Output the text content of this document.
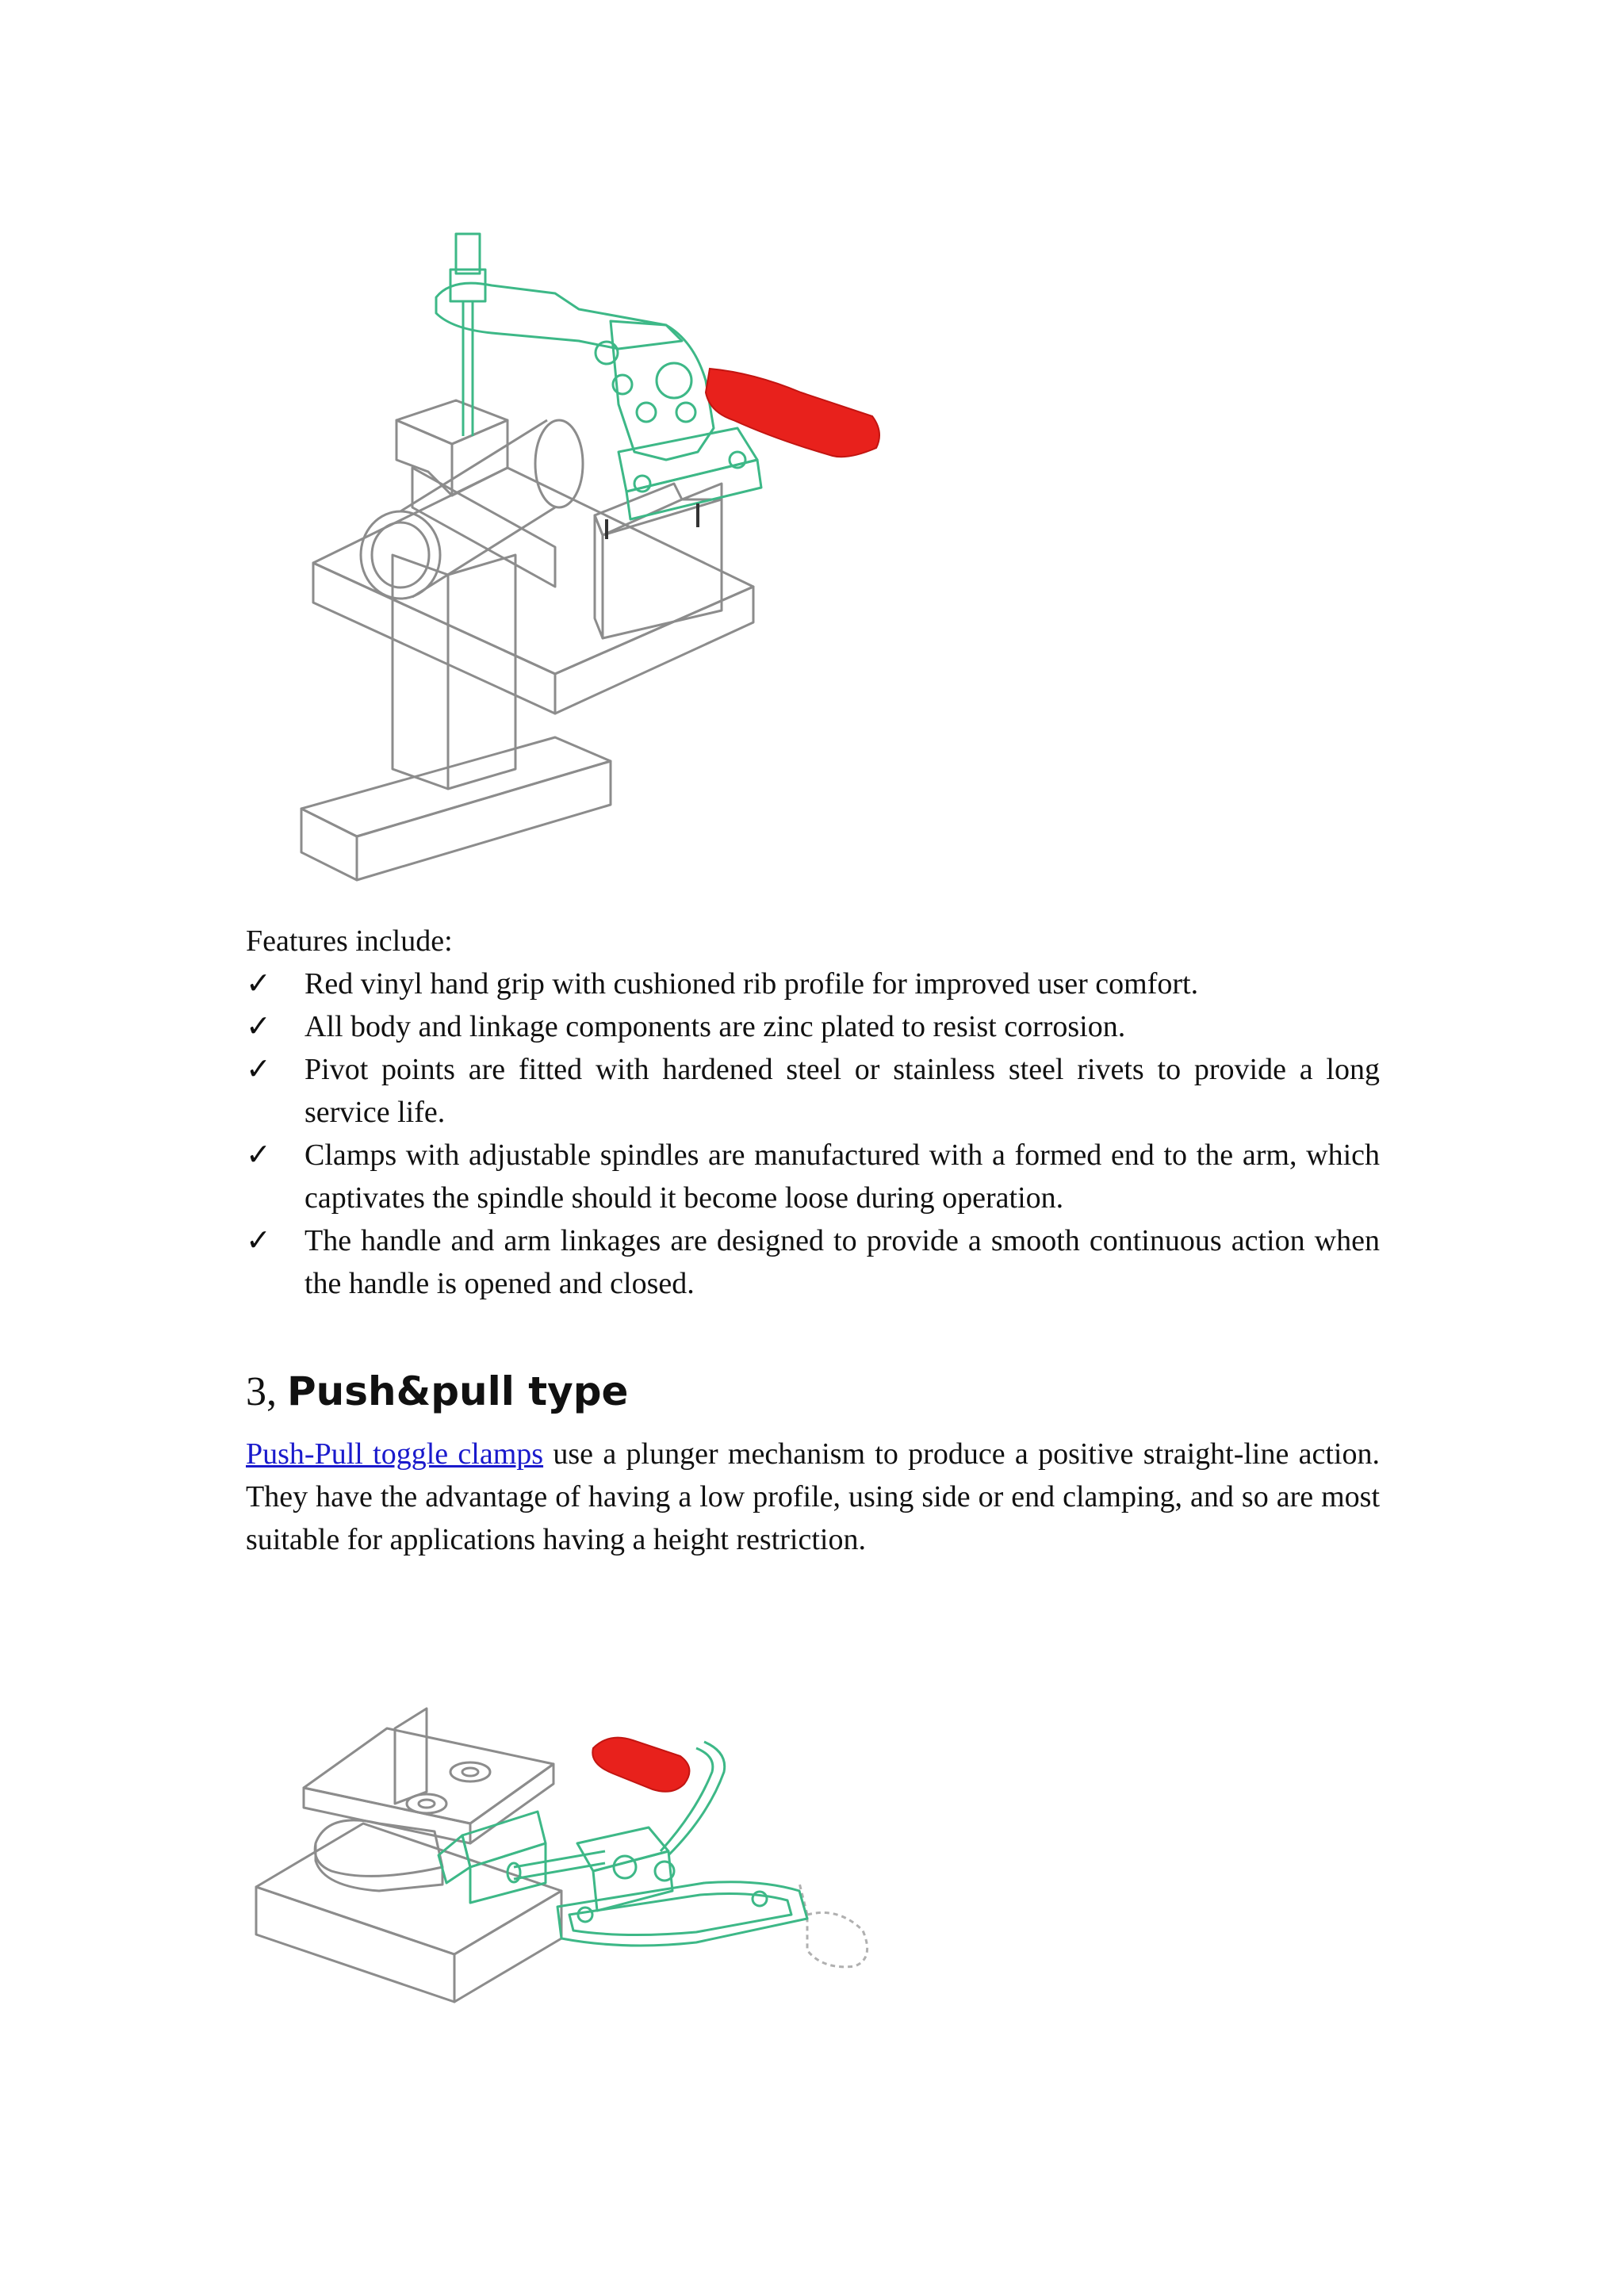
Features include:
✓ Red vinyl hand grip with cushioned rib profile for improved user comfort.
✓ All body and linkage components are zinc plated to resist corrosion.
✓ Pivot points are fitted with hardened steel or stainless steel rivets to provide a long service life.
✓ Clamps with adjustable spindles are manufactured with a formed end to the arm, which captivates the spindle should it become loose during operation.
✓ The handle and arm linkages are designed to provide a smooth continuous action when the handle is opened and closed.
3, Push&pull type
Push-Pull toggle clamps use a plunger mechanism to produce a positive straight-line action. They have the advantage of having a low profile, using side or end clamping, and so are most suitable for applications having a height restriction.
